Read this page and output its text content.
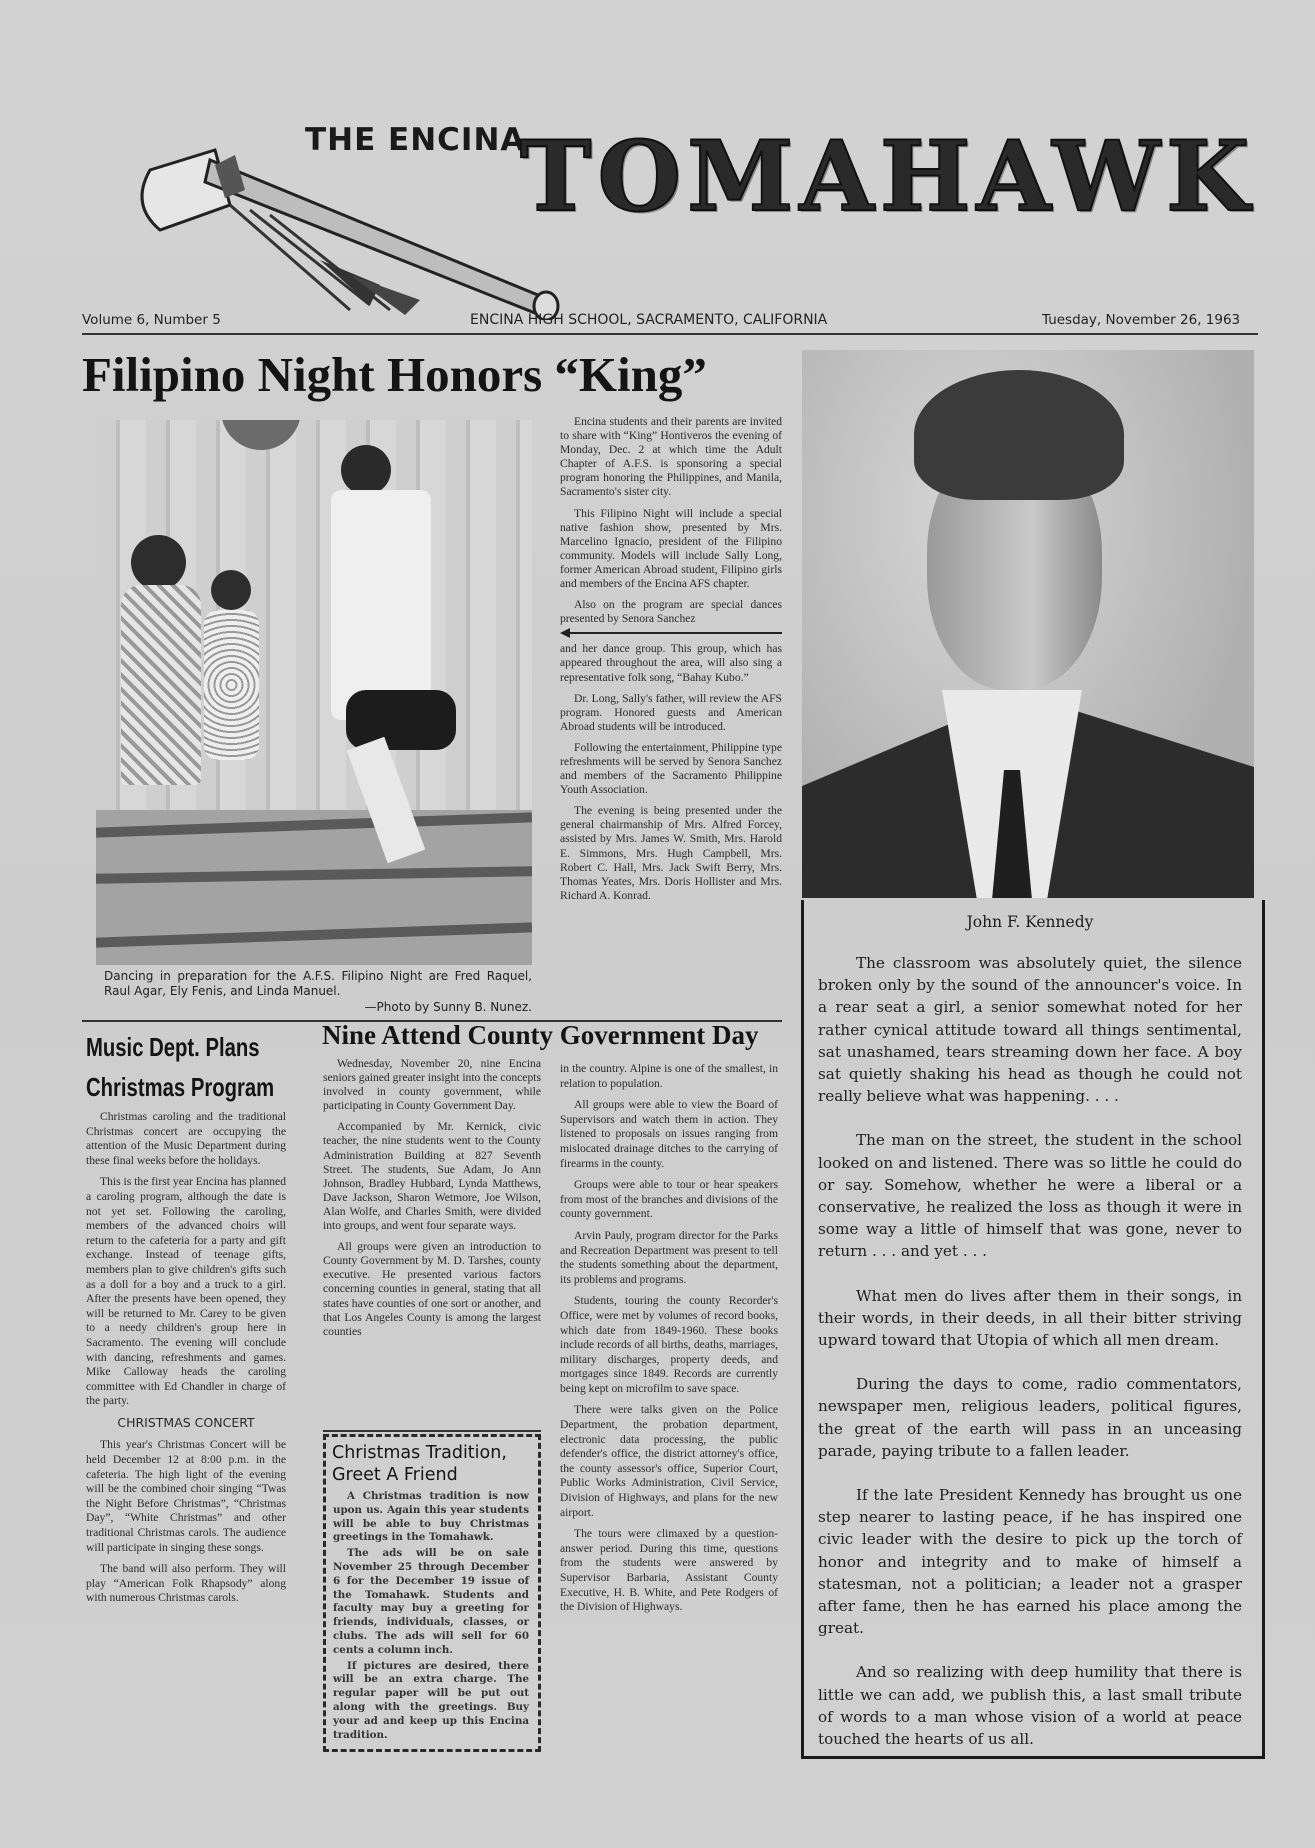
THE ENCINA
TOMAHAWK
Volume 6, Number 5	ENCINA HIGH SCHOOL, SACRAMENTO, CALIFORNIA	Tuesday, November 26, 1963
Filipino Night Honors “King”
Dancing in preparation for the A.F.S. Filipino Night are Fred Raquel, Raul Agar, Ely Fenis, and Linda Manuel.
—Photo by Sunny B. Nunez.

Encina students and their parents are invited to share with “King” Hontiveros the evening of Monday, Dec. 2 at which time the Adult Chapter of A.F.S. is sponsoring a special program honoring the Philippines, and Manila, Sacramento's sister city.

This Filipino Night will include a special native fashion show, presented by Mrs. Marcelino Ignacio, president of the Filipino community. Models will include Sally Long, former American Abroad student, Filipino girls and members of the Encina AFS chapter.

Also on the program are special dances presented by Senora Sanchez

and her dance group. This group, which has appeared throughout the area, will also sing a representative folk song, “Bahay Kubo.”

Dr. Long, Sally's father, will review the AFS program. Honored guests and American Abroad students will be introduced.

Following the entertainment, Philippine type refreshments will be served by Senora Sanchez and members of the Sacramento Philippine Youth Association.

The evening is being presented under the general chairmanship of Mrs. Alfred Forcey, assisted by Mrs. James W. Smith, Mrs. Harold E. Simmons, Mrs. Hugh Campbell, Mrs. Robert C. Hall, Mrs. Jack Swift Berry, Mrs. Thomas Yeates, Mrs. Doris Hollister and Mrs. Richard A. Konrad.

John F. Kennedy

The classroom was absolutely quiet, the silence broken only by the sound of the announcer's voice. In a rear seat a girl, a senior somewhat noted for her rather cynical attitude toward all things sentimental, sat unashamed, tears streaming down her face. A boy sat quietly shaking his head as though he could not really believe what was happening. . . .

The man on the street, the student in the school looked on and listened. There was so little he could do or say. Somehow, whether he were a liberal or a conservative, he realized the loss as though it were in some way a little of himself that was gone, never to return . . . and yet . . .

What men do lives after them in their songs, in their words, in their deeds, in all their bitter striving upward toward that Utopia of which all men dream.

During the days to come, radio commentators, newspaper men, religious leaders, political figures, the great of the earth will pass in an unceasing parade, paying tribute to a fallen leader.

If the late President Kennedy has brought us one step nearer to lasting peace, if he has inspired one civic leader with the desire to pick up the torch of honor and integrity and to make of himself a statesman, not a politician; a leader not a grasper after fame, then he has earned his place among the great.

And so realizing with deep humility that there is little we can add, we publish this, a last small tribute of words to a man whose vision of a world at peace touched the hearts of us all.

Music Dept. Plans
Christmas Program

Christmas caroling and the traditional Christmas concert are occupying the attention of the Music Department during these final weeks before the holidays.

This is the first year Encina has planned a caroling program, although the date is not yet set. Following the caroling, members of the advanced choirs will return to the cafeteria for a party and gift exchange. Instead of teenage gifts, members plan to give children's gifts such as a doll for a boy and a truck to a girl. After the presents have been opened, they will be returned to Mr. Carey to be given to a needy children's group here in Sacramento. The evening will conclude with dancing, refreshments and games. Mike Calloway heads the caroling committee with Ed Chandler in charge of the party.

CHRISTMAS CONCERT

This year's Christmas Concert will be held December 12 at 8:00 p.m. in the cafeteria. The high light of the evening will be the combined choir singing “Twas the Night Before Christmas”, “Christmas Day”, “White Christmas” and other traditional Christmas carols. The audience will participate in singing these songs.

The band will also perform. They will play “American Folk Rhapsody” along with numerous Christmas carols.

Nine Attend County Government Day

Wednesday, November 20, nine Encina seniors gained greater insight into the concepts involved in county government, while participating in County Government Day.

Accompanied by Mr. Kernick, civic teacher, the nine students went to the County Administration Building at 827 Seventh Street. The students, Sue Adam, Jo Ann Johnson, Bradley Hubbard, Lynda Matthews, Dave Jackson, Sharon Wetmore, Joe Wilson, Alan Wolfe, and Charles Smith, were divided into groups, and went four separate ways.

All groups were given an introduction to County Government by M. D. Tarshes, county executive. He presented various factors concerning counties in general, stating that all states have counties of one sort or another, and that Los Angeles County is among the largest counties

in the country. Alpine is one of the smallest, in relation to population.

All groups were able to view the Board of Supervisors and watch them in action. They listened to proposals on issues ranging from mislocated drainage ditches to the carrying of firearms in the county.

Groups were able to tour or hear speakers from most of the branches and divisions of the county government.

Arvin Pauly, program director for the Parks and Recreation Department was present to tell the students something about the department, its problems and programs.

Students, touring the county Recorder's Office, were met by volumes of record books, which date from 1849-1960. These books include records of all births, deaths, marriages, military discharges, property deeds, and mortgages since 1849. Records are currently being kept on microfilm to save space.

There were talks given on the Police Department, the probation department, electronic data processing, the public defender's office, the district attorney's office, the county assessor's office, Superior Court, Public Works Administration, Civil Service, Division of Highways, and plans for the new airport.

The tours were climaxed by a question-answer period. During this time, questions from the students were answered by Supervisor Barbaria, Assistant County Executive, H. B. White, and Pete Rodgers of the Division of Highways.

Christmas Tradition,
Greet A Friend

A Christmas tradition is now upon us. Again this year students will be able to buy Christmas greetings in the Tomahawk.

The ads will be on sale November 25 through December 6 for the December 19 issue of the Tomahawk. Students and faculty may buy a greeting for friends, individuals, classes, or clubs. The ads will sell for 60 cents a column inch.

If pictures are desired, there will be an extra charge. The regular paper will be put out along with the greetings. Buy your ad and keep up this Encina tradition.
